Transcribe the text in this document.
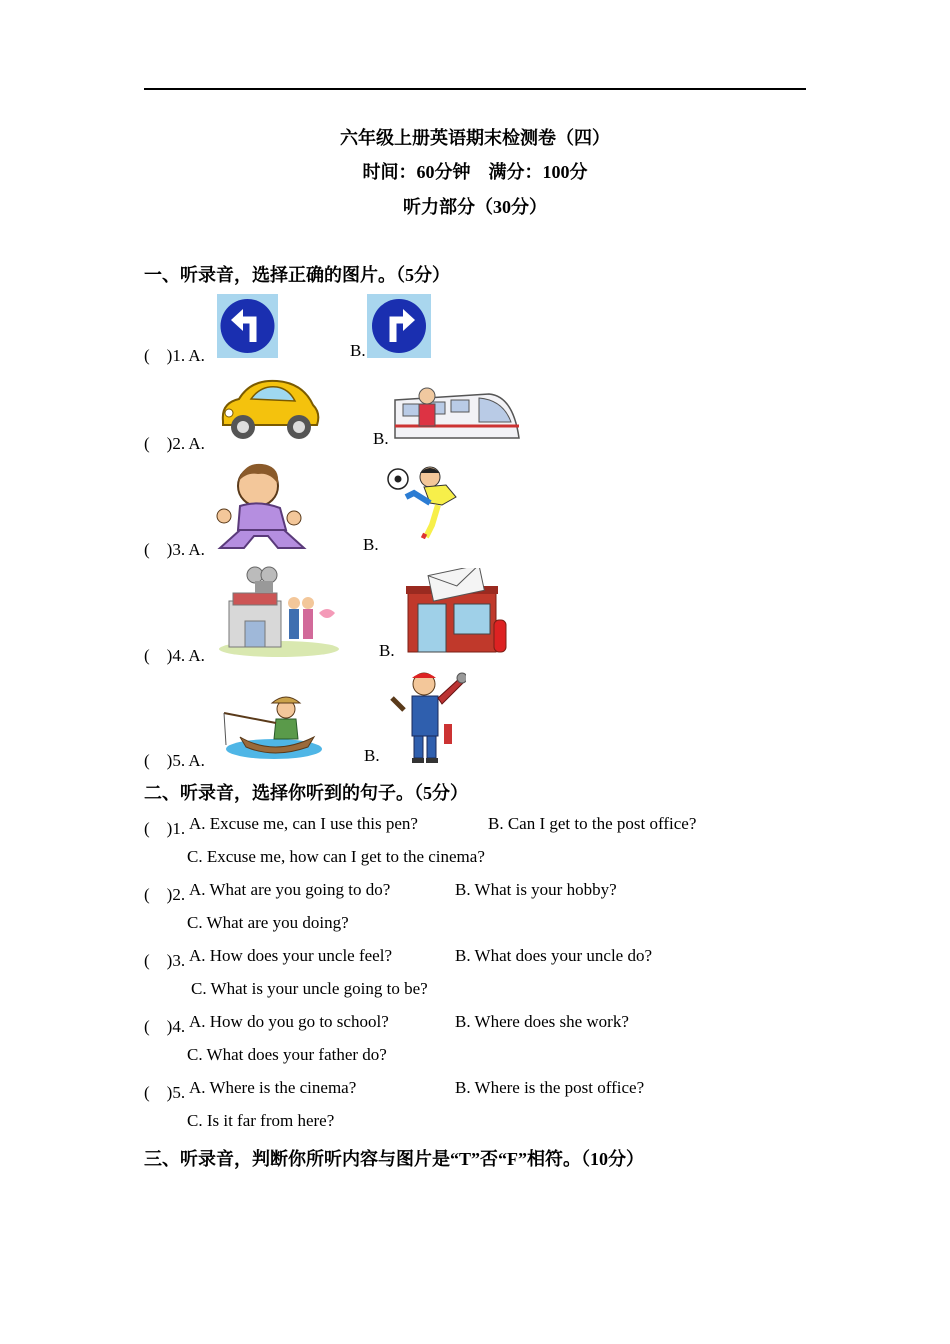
六年级上册英语期末检测卷（四）
时间：60分钟　满分：100分
听力部分（30分）
一、听录音，选择正确的图片。（5分）
(　)1. A.	B.
(　)2. A.	B.
(　)3. A.	B.
(　)4. A.	B.
(　)5. A.	B.
二、听录音，选择你听到的句子。（5分）
(　)1. A. Excuse me, can I use this pen?	B. Can I get to the post office?
C. Excuse me, how can I get to the cinema?
(　)2. A. What are you going to do?	B. What is your hobby?
C. What are you doing?
(　)3. A. How does your uncle feel?	B. What does your uncle do?
C. What is your uncle going to be?
(　)4. A. How do you go to school?	B. Where does she work?
C. What does your father do?
(　)5. A. Where is the cinema?	B. Where is the post office?
C. Is it far from here?
三、听录音，判断你所听内容与图片是“T”否“F”相符。（10分）
